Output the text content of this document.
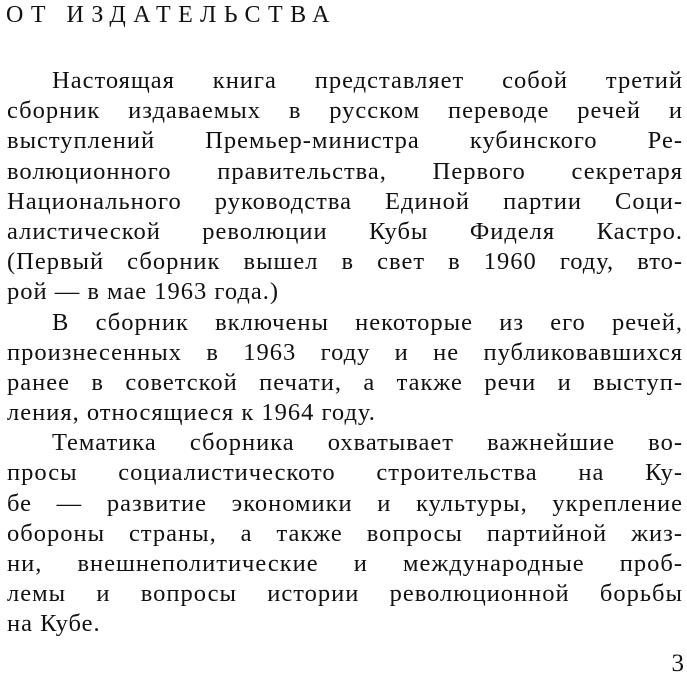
ОТ ИЗДАТЕЛЬСТВА
Настоящая книга представляет собой третий
сборник издаваемых в русском переводе речей и
выступлений Премьер-министра кубинского Ре-
волюционного правительства, Первого секретаря
Национального руководства Единой партии Соци-
алистической революции Кубы Фиделя Кастро.
(Первый сборник вышел в свет в 1960 году, вто-
рой — в мае 1963 года.)
В сборник включены некоторые из его речей,
произнесенных в 1963 году и не публиковавшихся
ранее в советской печати, а также речи и выступ-
ления, относящиеся к 1964 году.
Тематика сборника охватывает важнейшие во-
просы социалистическото строительства на Ку-
бе — развитие экономики и культуры, укрепление
обороны страны, а также вопросы партийной жиз-
ни, внешнеполитические и международные проб-
лемы и вопросы истории революционной борьбы
на Кубе.
3
